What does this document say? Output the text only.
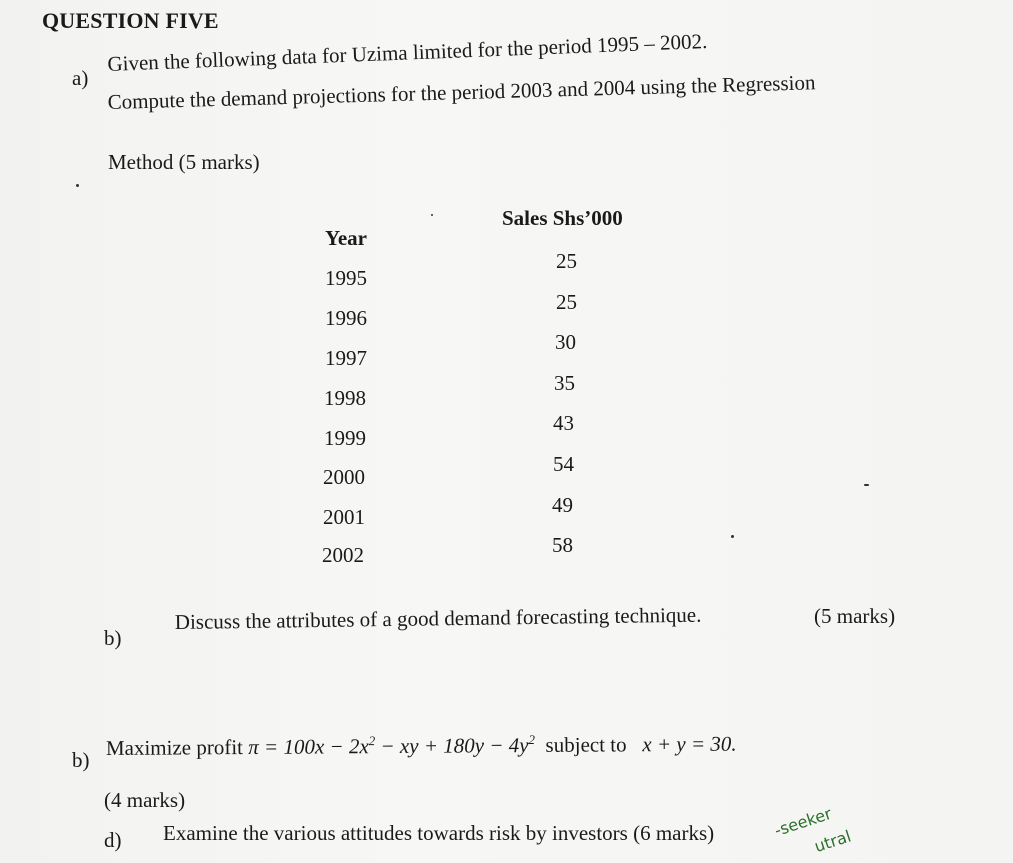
QUESTION FIVE
a)
Given the following data for Uzima limited for the period 1995 – 2002.
Compute the demand projections for the period 2003 and 2004 using the Regression
Method (5 marks)
Year
Sales Shs’000
1995
1996
1997
1998
1999
2000
2001
2002
25
25
30
35
43
54
49
58
b)
Discuss the attributes of a good demand forecasting technique.	(5 marks)
b) Maximize profit $\pi = 100x - 2x^2$ − xy + $180y - 4y^2$ subject to x + y = 30.
(4 marks)
d) Examine the various attitudes towards risk by investors (6 marks)	-seeker
utral
